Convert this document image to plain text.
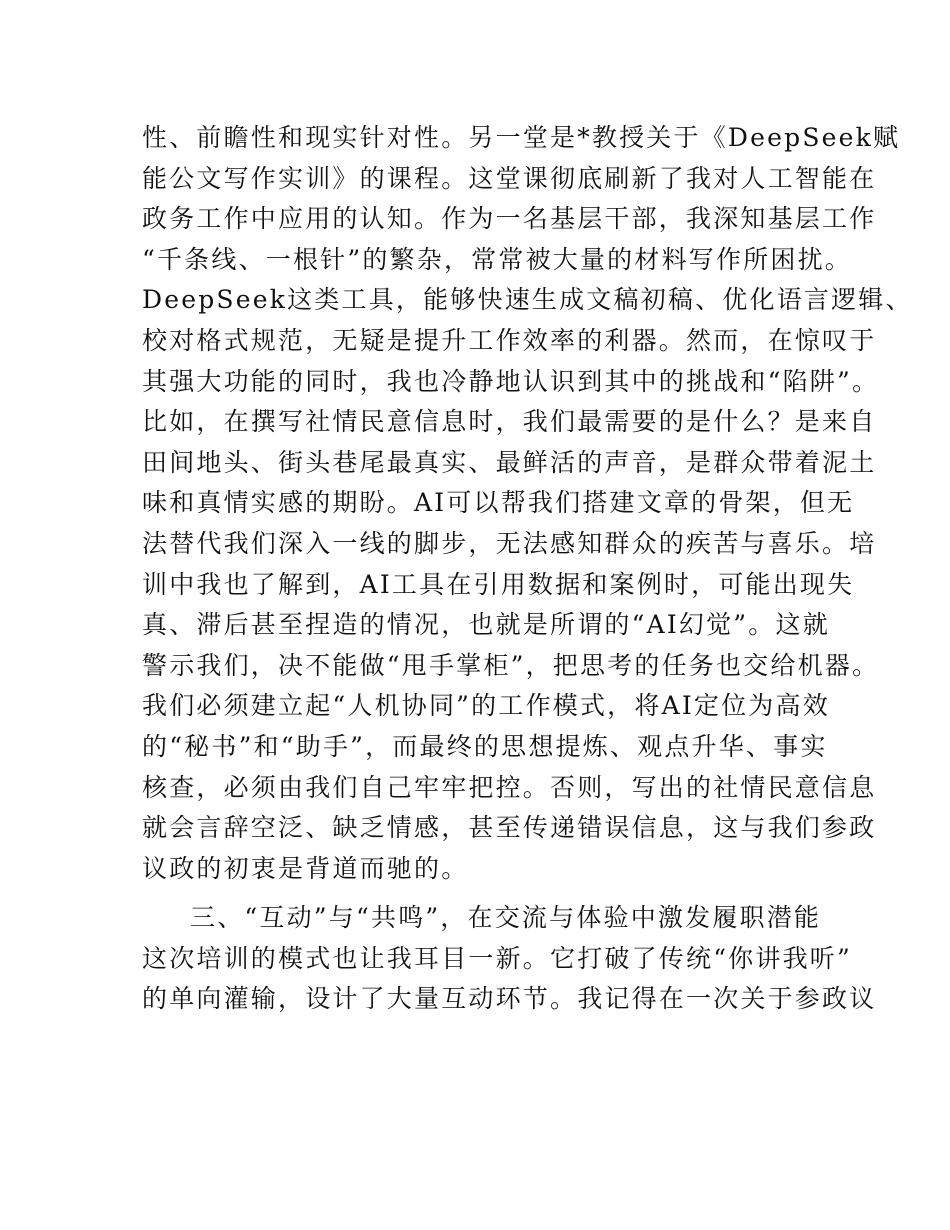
性、前瞻性和现实针对性。另一堂是*教授关于《DeepSeek赋
能公文写作实训》的课程。这堂课彻底刷新了我对人工智能在
政务工作中应用的认知。作为一名基层干部，我深知基层工作
“千条线、一根针”的繁杂，常常被大量的材料写作所困扰。
DeepSeek这类工具，能够快速生成文稿初稿、优化语言逻辑、
校对格式规范，无疑是提升工作效率的利器。然而，在惊叹于
其强大功能的同时，我也冷静地认识到其中的挑战和“陷阱”。
比如，在撰写社情民意信息时，我们最需要的是什么？是来自
田间地头、街头巷尾最真实、最鲜活的声音，是群众带着泥土
味和真情实感的期盼。AI可以帮我们搭建文章的骨架，但无
法替代我们深入一线的脚步，无法感知群众的疾苦与喜乐。培
训中我也了解到，AI工具在引用数据和案例时，可能出现失
真、滞后甚至捏造的情况，也就是所谓的“AI幻觉”。这就
警示我们，决不能做“甩手掌柜”，把思考的任务也交给机器。
我们必须建立起“人机协同”的工作模式，将AI定位为高效
的“秘书”和“助手”，而最终的思想提炼、观点升华、事实
核查，必须由我们自己牢牢把控。否则，写出的社情民意信息
就会言辞空泛、缺乏情感，甚至传递错误信息，这与我们参政
议政的初衷是背道而驰的。
三、“互动”与“共鸣”，在交流与体验中激发履职潜能
这次培训的模式也让我耳目一新。它打破了传统“你讲我听”
的单向灌输，设计了大量互动环节。我记得在一次关于参政议
